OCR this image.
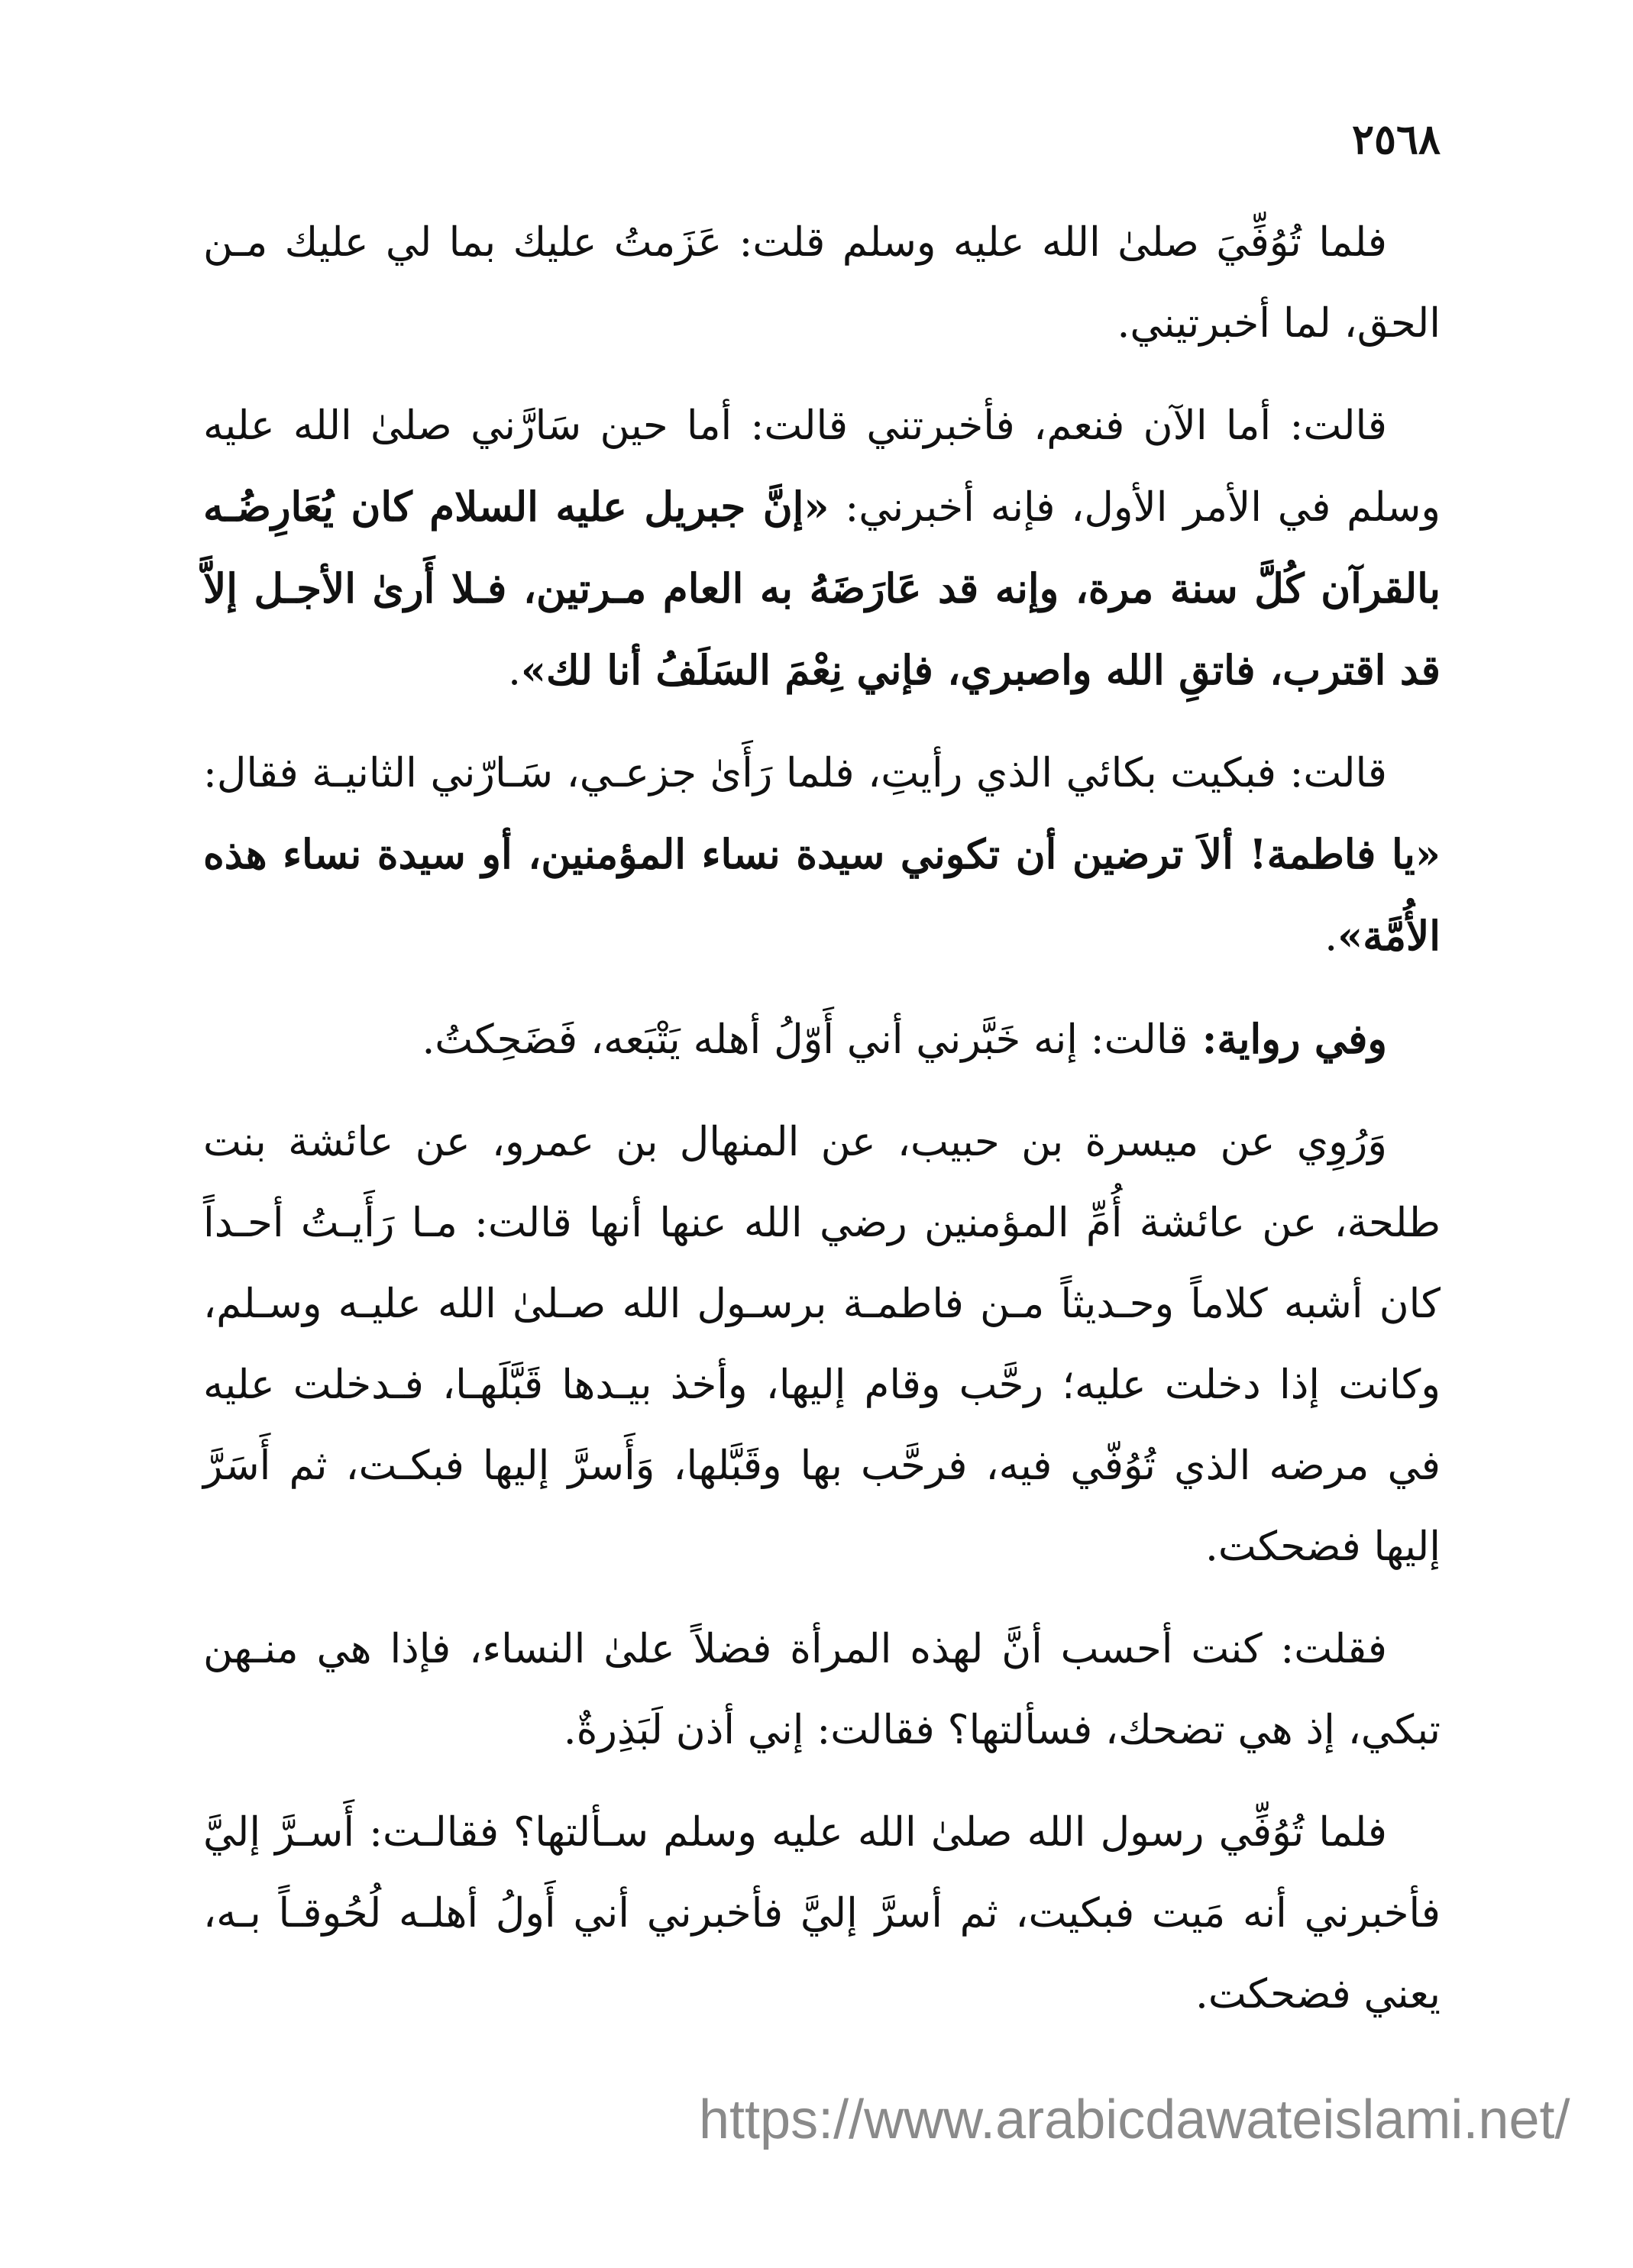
٢٥٦٨

فلما تُوُفِّيَ صلىٰ الله عليه وسلم قلت: عَزَمتُ عليك بما لي عليك مـن الحق، لما أخبرتيني.

قالت: أما الآن فنعم، فأخبرتني قالت: أما حين سَارَّني صلىٰ الله عليه وسلم في الأمر الأول، فإنه أخبرني: «إنَّ جبريل عليه السلام كان يُعَارِضُـه بالقرآن كُلَّ سنة مرة، وإنه قد عَارَضَهُ به العام مـرتين، فـلا أَرىٰ الأجـل إلاَّ قد اقترب، فاتقِ الله واصبري، فإني نِعْمَ السَلَفُ أنا لك».

قالت: فبكيت بكائي الذي رأيتِ، فلما رَأَىٰ جزعـي، سَـارّني الثانيـة فقال: «يا فاطمة! ألاَ ترضين أن تكوني سيدة نساء المؤمنين، أو سيدة نساء هذه الأُمَّة».

وفي رواية: قالت: إنه خَبَّرني أني أَوّلُ أهله يَتْبَعه، فَضَحِكتُ.

وَرُوِي عن ميسرة بن حبيب، عن المنهال بن عمرو، عن عائشة بنت طلحة، عن عائشة أُمِّ المؤمنين رضي الله عنها أنها قالت: مـا رَأَيـتُ أحـداً كان أشبه كلاماً وحـديثاً مـن فاطمـة برسـول الله صـلىٰ الله عليـه وسـلم، وكانت إذا دخلت عليه؛ رحَّب وقام إليها، وأخذ بيـدها قَبَّلَهـا، فـدخلت عليه في مرضه الذي تُوُفّي فيه، فرحَّب بها وقَبَّلها، وَأَسرَّ إليها فبكـت، ثم أَسَرَّ إليها فضحكت.

فقلت: كنت أحسب أنَّ لهذه المرأة فضلاً علىٰ النساء، فإذا هي منـهن تبكي، إذ هي تضحك، فسألتها؟ فقالت: إني أذن لَبَذِرةٌ.

فلما تُوُفِّي رسول الله صلىٰ الله عليه وسلم سـألتها؟ فقالـت: أَسـرَّ إليَّ فأخبرني أنه مَيت فبكيت، ثم أسرَّ إليَّ فأخبرني أني أَولُ أهلـه لُحُوقـاً بـه، يعني فضحكت.

https://www.arabicdawateislami.net/
